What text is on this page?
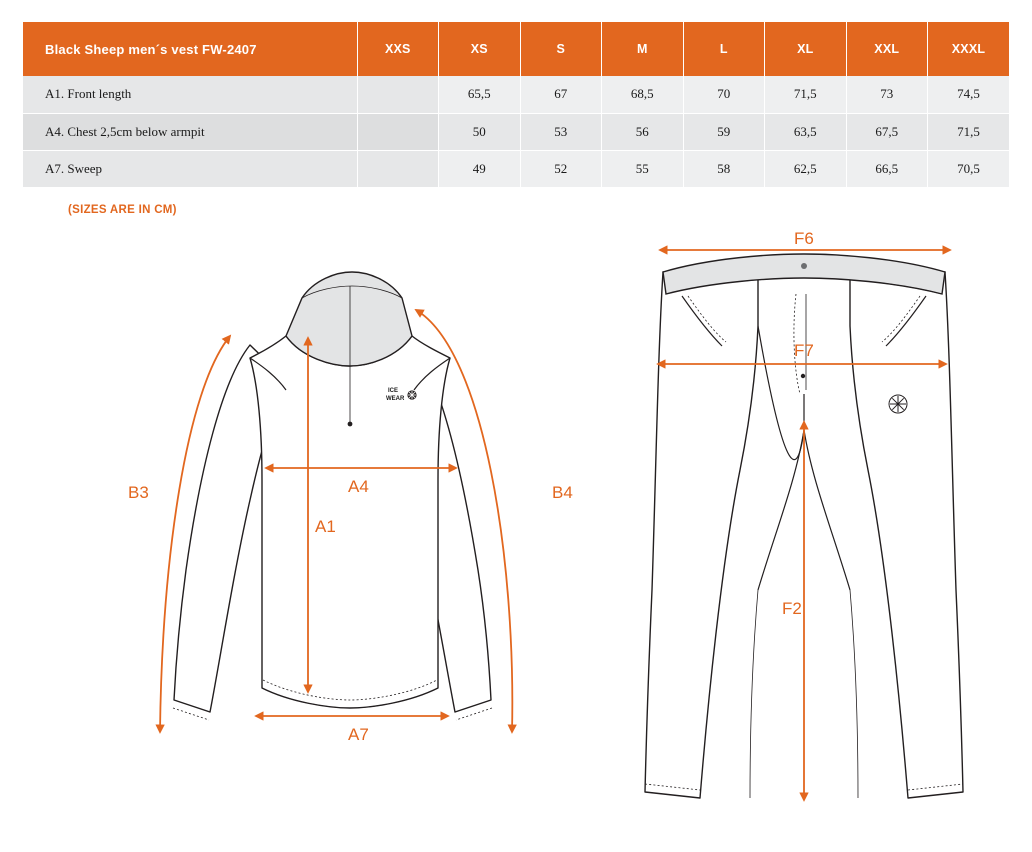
Black Sheep men´s vest FW-2407	XXS	XS	S	M	L	XL	XXL	XXXL
A1. Front length		65,5	67	68,5	70	71,5	73	74,5
A4. Chest 2,5cm below armpit		50	53	56	59	63,5	67,5	71,5
A7. Sweep		49	52	55	58	62,5	66,5	70,5
(SIZES ARE IN CM)
ICE
WEAR
B3	B4
A4
A1
A7
F6
F7
F2
